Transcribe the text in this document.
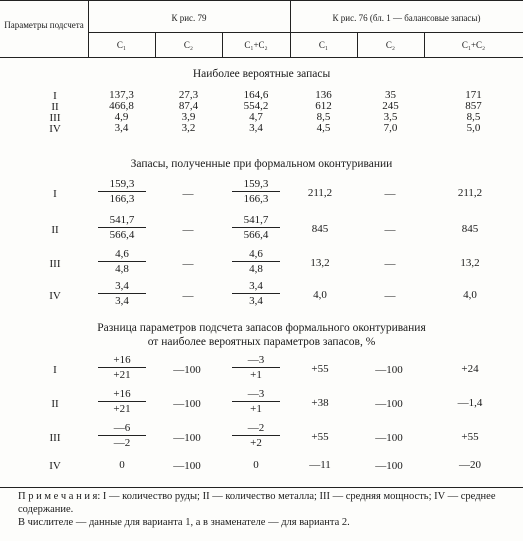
Параметры подсчета
К рис. 79	К рис. 76 (бл. 1 — балансовые запасы)
C₁	C₂	C₁+C₂	C₁	C₂	C₁+C₂
Наиболее вероятные запасы
Запасы, полученные при формальном оконтуривании
Разница параметров подсчета запасов формального оконтуривания
от наиболее вероятных параметров запасов, %
П р и м е ч а н и я: I — количество руды; II — количество металла; III — средняя мощность; IV — среднее содержание.
В числителе — данные для варианта 1, а в знаменателе — для варианта 2.
I	137,3	27,3	164,6	136	35	171
II	466,8	87,4	554,2	612	245	857
III	4,9	3,9	4,7	8,5	3,5	8,5
IV	3,4	3,2	3,4	4,5	7,0	5,0
I	$\frac{159,3}{166,3}$	—	$\frac{159,3}{166,3}$	211,2	—	211,2
II	$\frac{541,7}{566,4}$	—	$\frac{541,7}{566,4}$	845	—	845
III	$\frac{4,6}{4,8}$	—	$\frac{4,6}{4,8}$	13,2	—	13,2
IV	$\frac{3,4}{3,4}$	—	$\frac{3,4}{3,4}$	4,0	—	4,0
I	$\frac{+16}{+21}$	—100	$\frac{—3}{+1}$	+55	—100	+24
II	$\frac{+16}{+21}$	—100	$\frac{—3}{+1}$	+38	—100	—1,4
III	$\frac{—6}{—2}$	—100	$\frac{—2}{+2}$	+55	—100	+55
IV	0	—100	0	—11	—100	—20
